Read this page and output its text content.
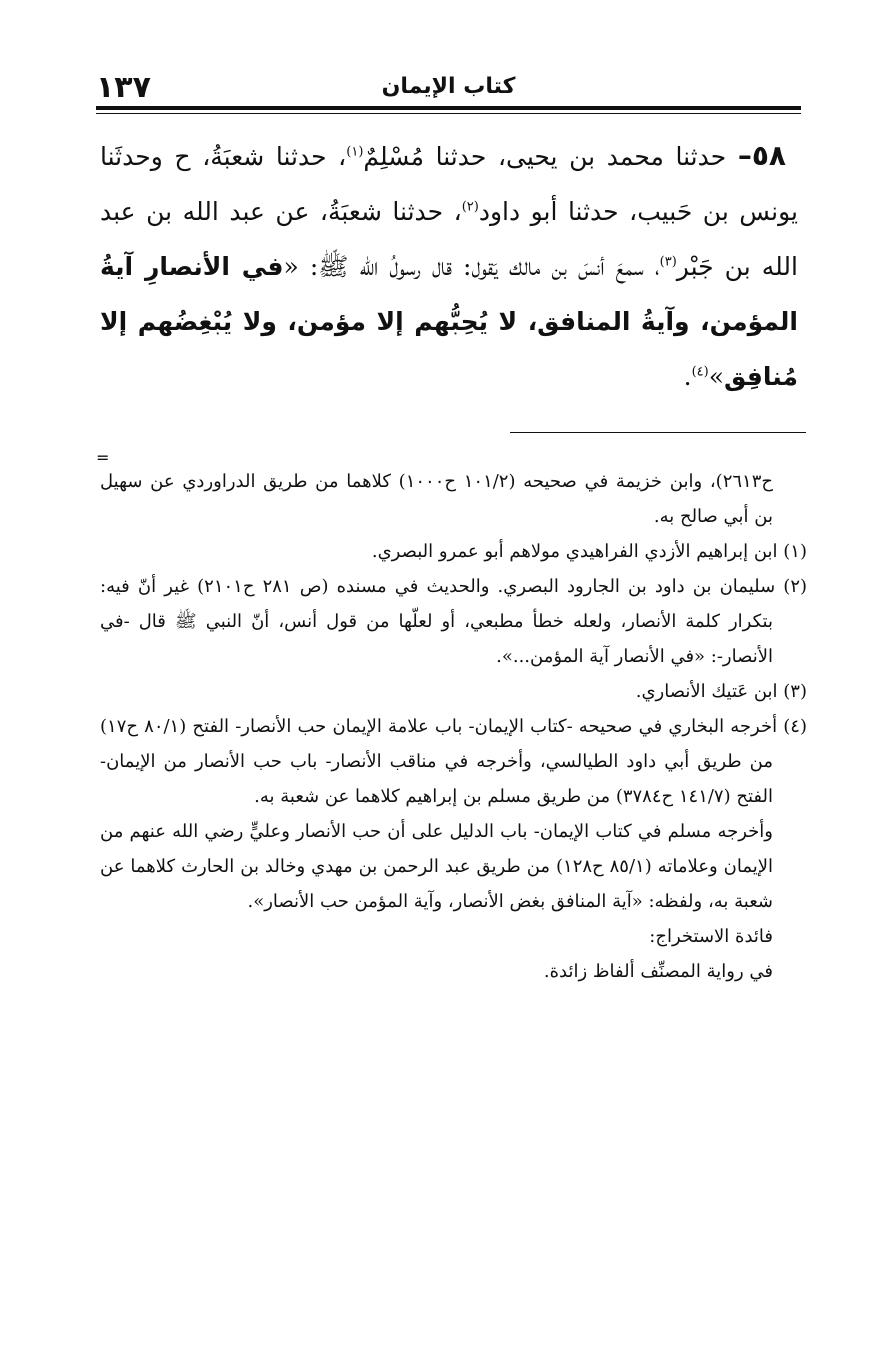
١٣٧	كتاب الإيمان

٥٨– حدثنا محمد بن يحيى، حدثنا مُسْلِمٌ$^{(١)}$، حدثنا شعبَةُ، ح وحدثَنا يونس بن حَبيب، حدثنا أبو داود$^{(٢)}$، حدثنا شعبَةُ، عن عبد الله بن عبد الله بن جَبْر$^{(٣)}$، سمعَ أنسَ بن مالك يَقول: قال رسولُ الله ﷺ: «في الأنصارِ آيةُ المؤمن، وآيةُ المنافق، لا يُحِبُّهم إلا مؤمن، ولا يُبْغِضُهم إلا مُنافِق»$^{(٤)}$.

=

ح٢٦١٣)، وابن خزيمة في صحيحه (١٠١/٢ ح١٠٠٠) كلاهما من طريق الدراوردي عن سهيل بن أبي صالح به.

(١) ابن إبراهيم الأزدي الفراهيدي مولاهم أبو عمرو البصري.

(٢) سليمان بن داود بن الجارود البصري. والحديث في مسنده (ص ٢٨١ ح٢١٠١) غير أنّ فيه: بتكرار كلمة الأنصار، ولعله خطأ مطبعي، أو لعلّها من قول أنس، أنّ النبي ﷺ قال -في الأنصار-: «في الأنصار آية المؤمن...».

(٣) ابن عَتيك الأنصاري.

(٤) أخرجه البخاري في صحيحه -كتاب الإيمان- باب علامة الإيمان حب الأنصار- الفتح (٨٠/١ ح١٧) من طريق أبي داود الطيالسي، وأخرجه في مناقب الأنصار- باب حب الأنصار من الإيمان- الفتح (١٤١/٧ ح٣٧٨٤) من طريق مسلم بن إبراهيم كلاهما عن شعبة به.

وأخرجه مسلم في كتاب الإيمان- باب الدليل على أن حب الأنصار وعليٍّ رضي الله عنهم من الإيمان وعلاماته (٨٥/١ ح١٢٨) من طريق عبد الرحمن بن مهدي وخالد بن الحارث كلاهما عن شعبة به، ولفظه: «آية المنافق بغض الأنصار، وآية المؤمن حب الأنصار».

فائدة الاستخراج:

في رواية المصنِّف ألفاظ زائدة.
